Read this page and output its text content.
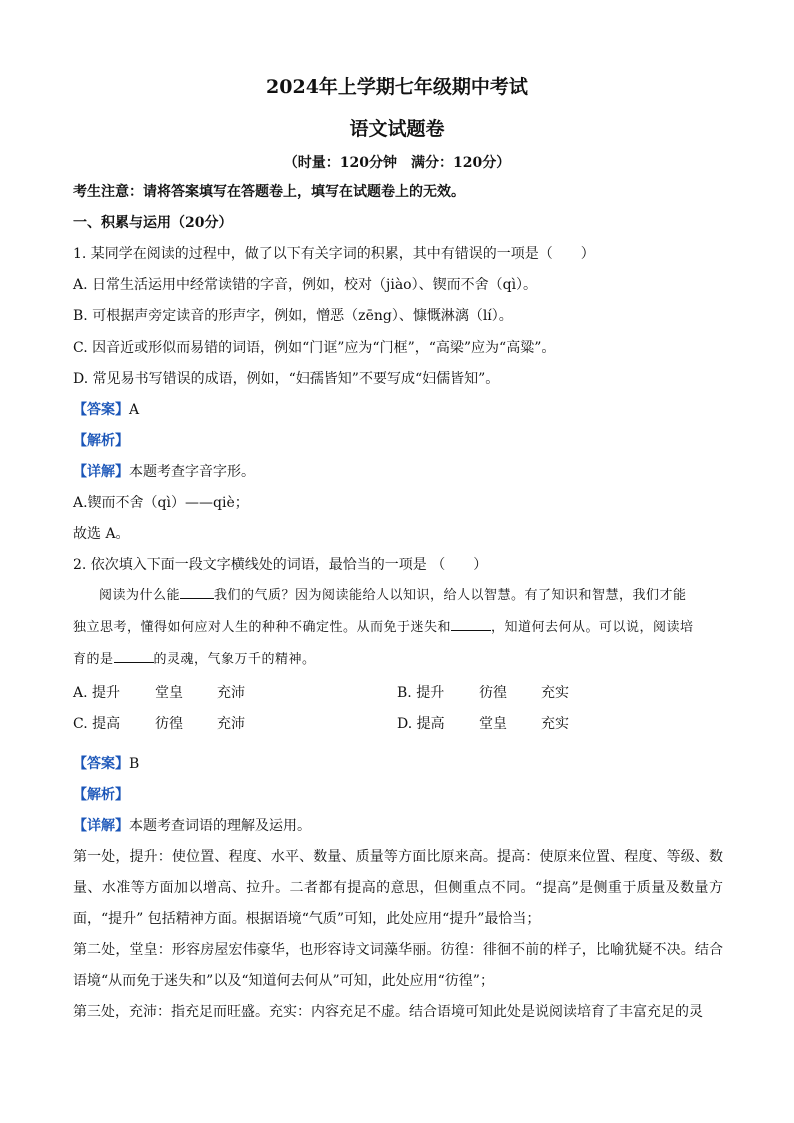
2024年上学期七年级期中考试
语文试题卷
（时量：120分钟　满分：120分）
考生注意：请将答案填写在答题卷上，填写在试题卷上的无效。
一、积累与运用（20分）
1. 某同学在阅读的过程中，做了以下有关字词的积累，其中有错误的一项是（　　）
A. 日常生活运用中经常读错的字音，例如，校对（jiào）、锲而不舍（qì）。
B. 可根据声旁定读音的形声字，例如，憎恶（zēng）、慷慨淋漓（lí）。
C. 因音近或形似而易错的词语，例如“门诓”应为“门框”，“高梁”应为“高粱”。
D. 常见易书写错误的成语，例如，“妇孺皆知”不要写成“妇儒皆知”。
【答案】A
【解析】
【详解】本题考查字音字形。
A.锲而不舍（qì）——qiè；
故选 A。
2. 依次填入下面一段文字横线处的词语，最恰当的一项是 （　　）

阅读为什么能	我们的气质？因为阅读能给人以知识，给人以智慧。有了知识和智慧，我们才能

独立思考，懂得如何应对人生的种种不确定性。从而免于迷失和	，知道何去何从。可以说，阅读培

育的是	的灵魂，气象万千的精神。

A. 提升 堂皇 充沛	B. 提升 彷徨 充实
C. 提高 彷徨 充沛	D. 提高 堂皇 充实
【答案】B
【解析】
【详解】本题考查词语的理解及运用。

第一处，提升：使位置、程度、水平、数量、质量等方面比原来高。提高：使原来位置、程度、等级、数量、水准等方面加以增高、拉升。二者都有提高的意思，但侧重点不同。“提高”是侧重于质量及数量方面，“提升” 包括精神方面。根据语境“气质”可知，此处应用“提升”最恰当；

第二处，堂皇：形容房屋宏伟豪华，也形容诗文词藻华丽。彷徨：徘徊不前的样子，比喻犹疑不决。结合语境“从而免于迷失和”以及“知道何去何从”可知，此处应用“彷徨”；

第三处，充沛：指充足而旺盛。充实：内容充足不虚。结合语境可知此处是说阅读培育了丰富充足的灵
